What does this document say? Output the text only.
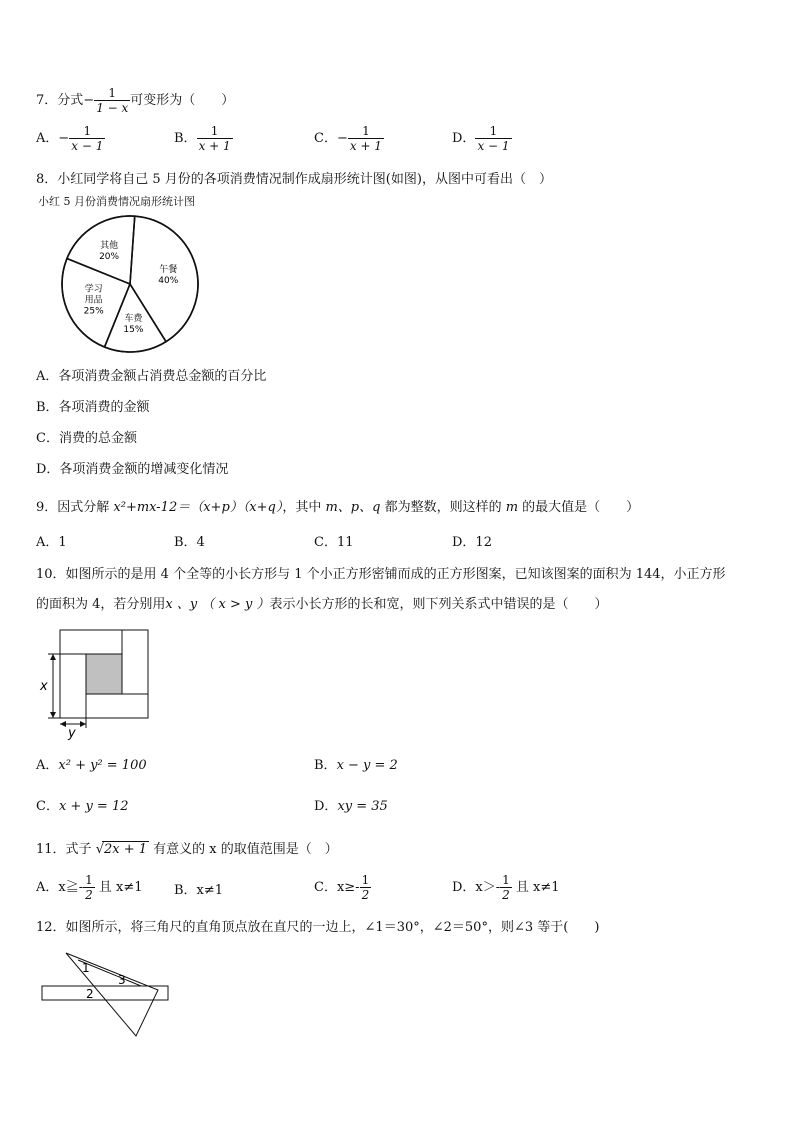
7．分式− $\frac{1}{1 - x}$ 可变形为（　　）
A．− $\frac{1}{x - 1}$	B． $\frac{1}{x + 1}$	C．− $\frac{1}{x + 1}$	D． $\frac{1}{x - 1}$
8．小红同学将自己 5 月份的各项消费情况制作成扇形统计图(如图)，从图中可看出（　）
小红 5 月份消费情况扇形统计图
午餐
40%
车费
15%
学习
用品
25%
其他
20%
A．各项消费金额占消费总金额的百分比
B．各项消费的金额
C．消费的总金额
D．各项消费金额的增减变化情况
9．因式分解 x²+mx-12＝（x+p）（x+q），其中 m、p、q 都为整数，则这样的 m 的最大值是（　　）
A．1	B．4	C．11	D．12
10．如图所示的是用 4 个全等的小长方形与 1 个小正方形密铺而成的正方形图案，已知该图案的面积为 144，小正方形
的面积为 4，若分别用x 、y （ x > y ）表示小长方形的长和宽，则下列关系式中错误的是（　　）
x
y
A．x² + y² = 100	B．x − y = 2
C．x + y = 12	D．xy = 35
11．式子 √2x + 1 有意义的 x 的取值范围是（　）
A．x≧- $\frac{1}{2}$ 且 x≠1 B．x≠1	C．$x\ge- \frac{1}{2}$	D．$x>- \frac{1}{2}$ 且 x≠1
12．如图所示，将三角尺的直角顶点放在直尺的一边上，∠1＝30°，∠2＝50°，则∠3 等于(　　)
1
2
3
